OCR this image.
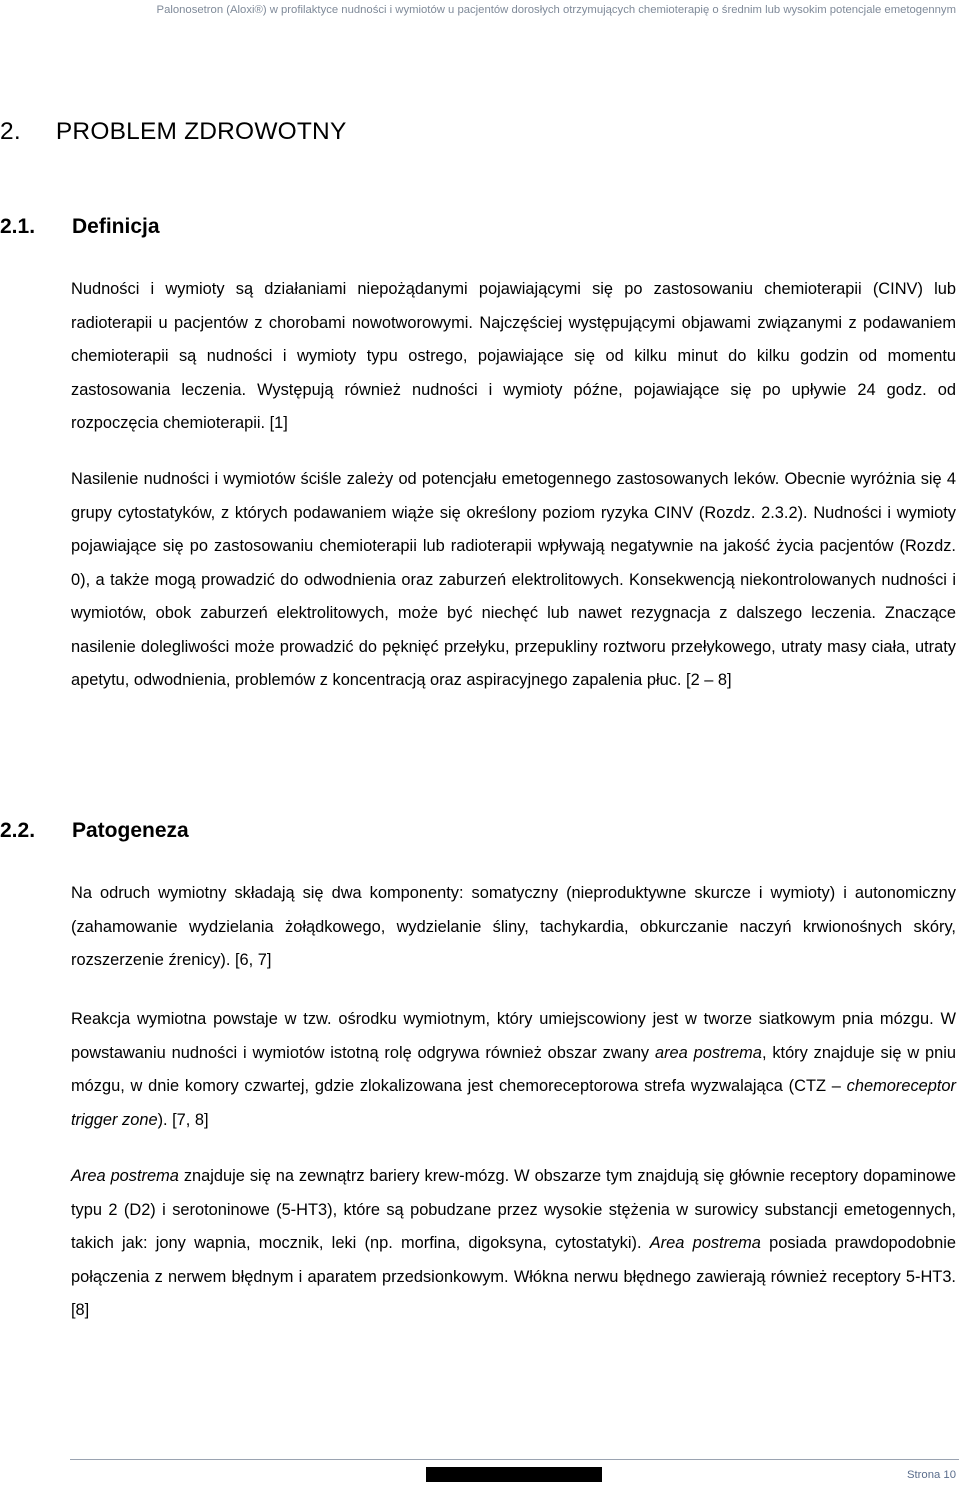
Palonosetron (Aloxi®) w profilaktyce nudności i wymiotów u pacjentów dorosłych otrzymujących chemioterapię o średnim lub wysokim potencjale emetogennym
2. PROBLEM ZDROWOTNY
2.1. Definicja

Nudności i wymioty są działaniami niepożądanymi pojawiającymi się po zastosowaniu chemioterapii (CINV) lub radioterapii u pacjentów z chorobami nowotworowymi. Najczęściej występującymi objawami związanymi z podawaniem chemioterapii są nudności i wymioty typu ostrego, pojawiające się od kilku minut do kilku godzin od momentu zastosowania leczenia. Występują również nudności i wymioty późne, pojawiające się po upływie 24 godz. od rozpoczęcia chemioterapii. [1]

Nasilenie nudności i wymiotów ściśle zależy od potencjału emetogennego zastosowanych leków. Obecnie wyróżnia się 4 grupy cytostatyków, z których podawaniem wiąże się określony poziom ryzyka CINV (Rozdz. 2.3.2). Nudności i wymioty pojawiające się po zastosowaniu chemioterapii lub radioterapii wpływają negatywnie na jakość życia pacjentów (Rozdz. 0), a także mogą prowadzić do odwodnienia oraz zaburzeń elektrolitowych. Konsekwencją niekontrolowanych nudności i wymiotów, obok zaburzeń elektrolitowych, może być niechęć lub nawet rezygnacja z dalszego leczenia. Znaczące nasilenie dolegliwości może prowadzić do pęknięć przełyku, przepukliny roztworu przełykowego, utraty masy ciała, utraty apetytu, odwodnienia, problemów z koncentracją oraz aspiracyjnego zapalenia płuc. [2 – 8]

2.2. Patogeneza

Na odruch wymiotny składają się dwa komponenty: somatyczny (nieproduktywne skurcze i wymioty) i autonomiczny (zahamowanie wydzielania żołądkowego, wydzielanie śliny, tachykardia, obkurczanie naczyń krwionośnych skóry, rozszerzenie źrenicy). [6, 7]

Reakcja wymiotna powstaje w tzw. ośrodku wymiotnym, który umiejscowiony jest w tworze siatkowym pnia mózgu. W powstawaniu nudności i wymiotów istotną rolę odgrywa również obszar zwany area postrema, który znajduje się w pniu mózgu, w dnie komory czwartej, gdzie zlokalizowana jest chemoreceptorowa strefa wyzwalająca (CTZ – chemoreceptor trigger zone). [7, 8]

Area postrema znajduje się na zewnątrz bariery krew-mózg. W obszarze tym znajdują się głównie receptory dopaminowe typu 2 (D2) i serotoninowe (5-HT3), które są pobudzane przez wysokie stężenia w surowicy substancji emetogennych, takich jak: jony wapnia, mocznik, leki (np. morfina, digoksyna, cytostatyki). Area postrema posiada prawdopodobnie połączenia z nerwem błędnym i aparatem przedsionkowym. Włókna nerwu błędnego zawierają również receptory 5-HT3. [8]

Strona 10
